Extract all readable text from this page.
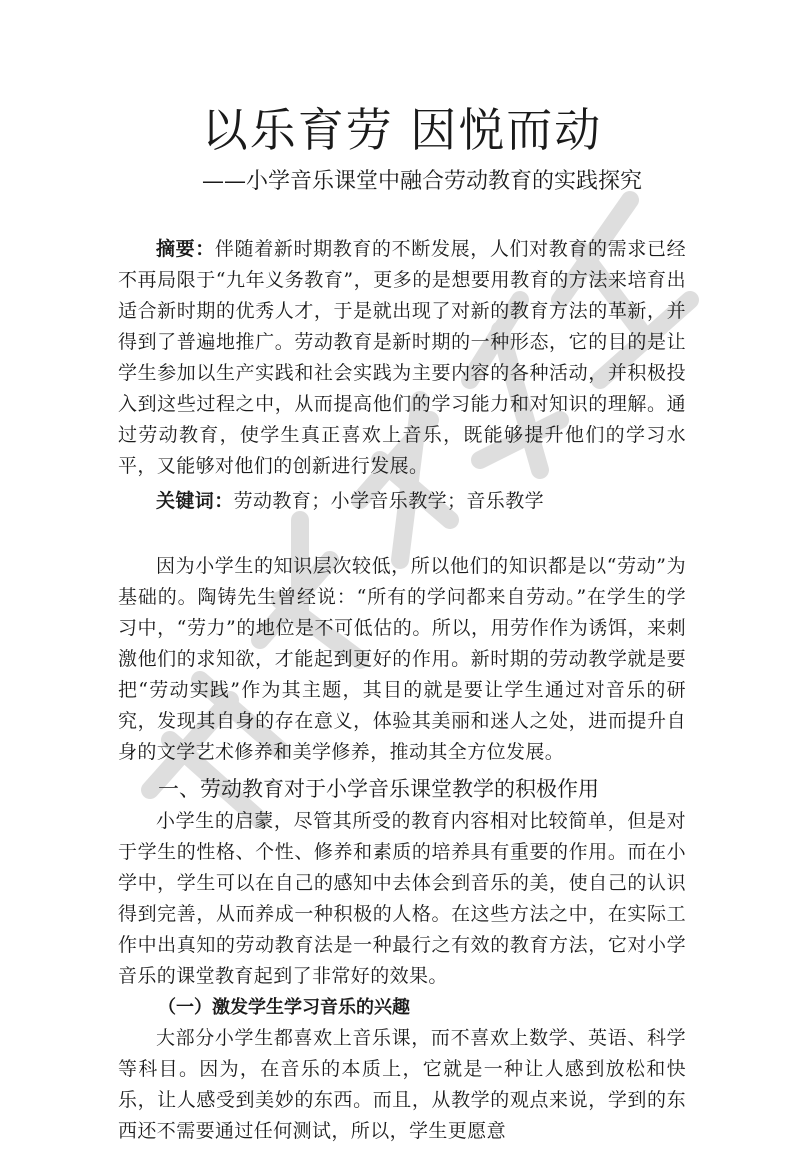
以乐育劳 因悦而动
——小学音乐课堂中融合劳动教育的实践探究

摘要：伴随着新时期教育的不断发展，人们对教育的需求已经不再局限于“九年义务教育”，更多的是想要用教育的方法来培育出适合新时期的优秀人才，于是就出现了对新的教育方法的革新，并得到了普遍地推广。劳动教育是新时期的一种形态，它的目的是让学生参加以生产实践和社会实践为主要内容的各种活动，并积极投入到这些过程之中，从而提高他们的学习能力和对知识的理解。通过劳动教育，使学生真正喜欢上音乐，既能够提升他们的学习水平，又能够对他们的创新进行发展。

关键词：劳动教育；小学音乐教学；音乐教学

因为小学生的知识层次较低，所以他们的知识都是以“劳动”为基础的。陶铸先生曾经说：“所有的学问都来自劳动。”在学生的学习中，“劳力”的地位是不可低估的。所以，用劳作作为诱饵，来刺激他们的求知欲，才能起到更好的作用。新时期的劳动教学就是要把“劳动实践”作为其主题，其目的就是要让学生通过对音乐的研究，发现其自身的存在意义，体验其美丽和迷人之处，进而提升自身的文学艺术修养和美学修养，推动其全方位发展。

一、劳动教育对于小学音乐课堂教学的积极作用

小学生的启蒙，尽管其所受的教育内容相对比较简单，但是对于学生的性格、个性、修养和素质的培养具有重要的作用。而在小学中，学生可以在自己的感知中去体会到音乐的美，使自己的认识得到完善，从而养成一种积极的人格。在这些方法之中，在实际工作中出真知的劳动教育法是一种最行之有效的教育方法，它对小学音乐的课堂教育起到了非常好的效果。

（一）激发学生学习音乐的兴趣

大部分小学生都喜欢上音乐课，而不喜欢上数学、英语、科学等科目。因为，在音乐的本质上，它就是一种让人感到放松和快乐，让人感受到美妙的东西。而且，从教学的观点来说，学到的东西还不需要通过任何测试，所以，学生更愿意
